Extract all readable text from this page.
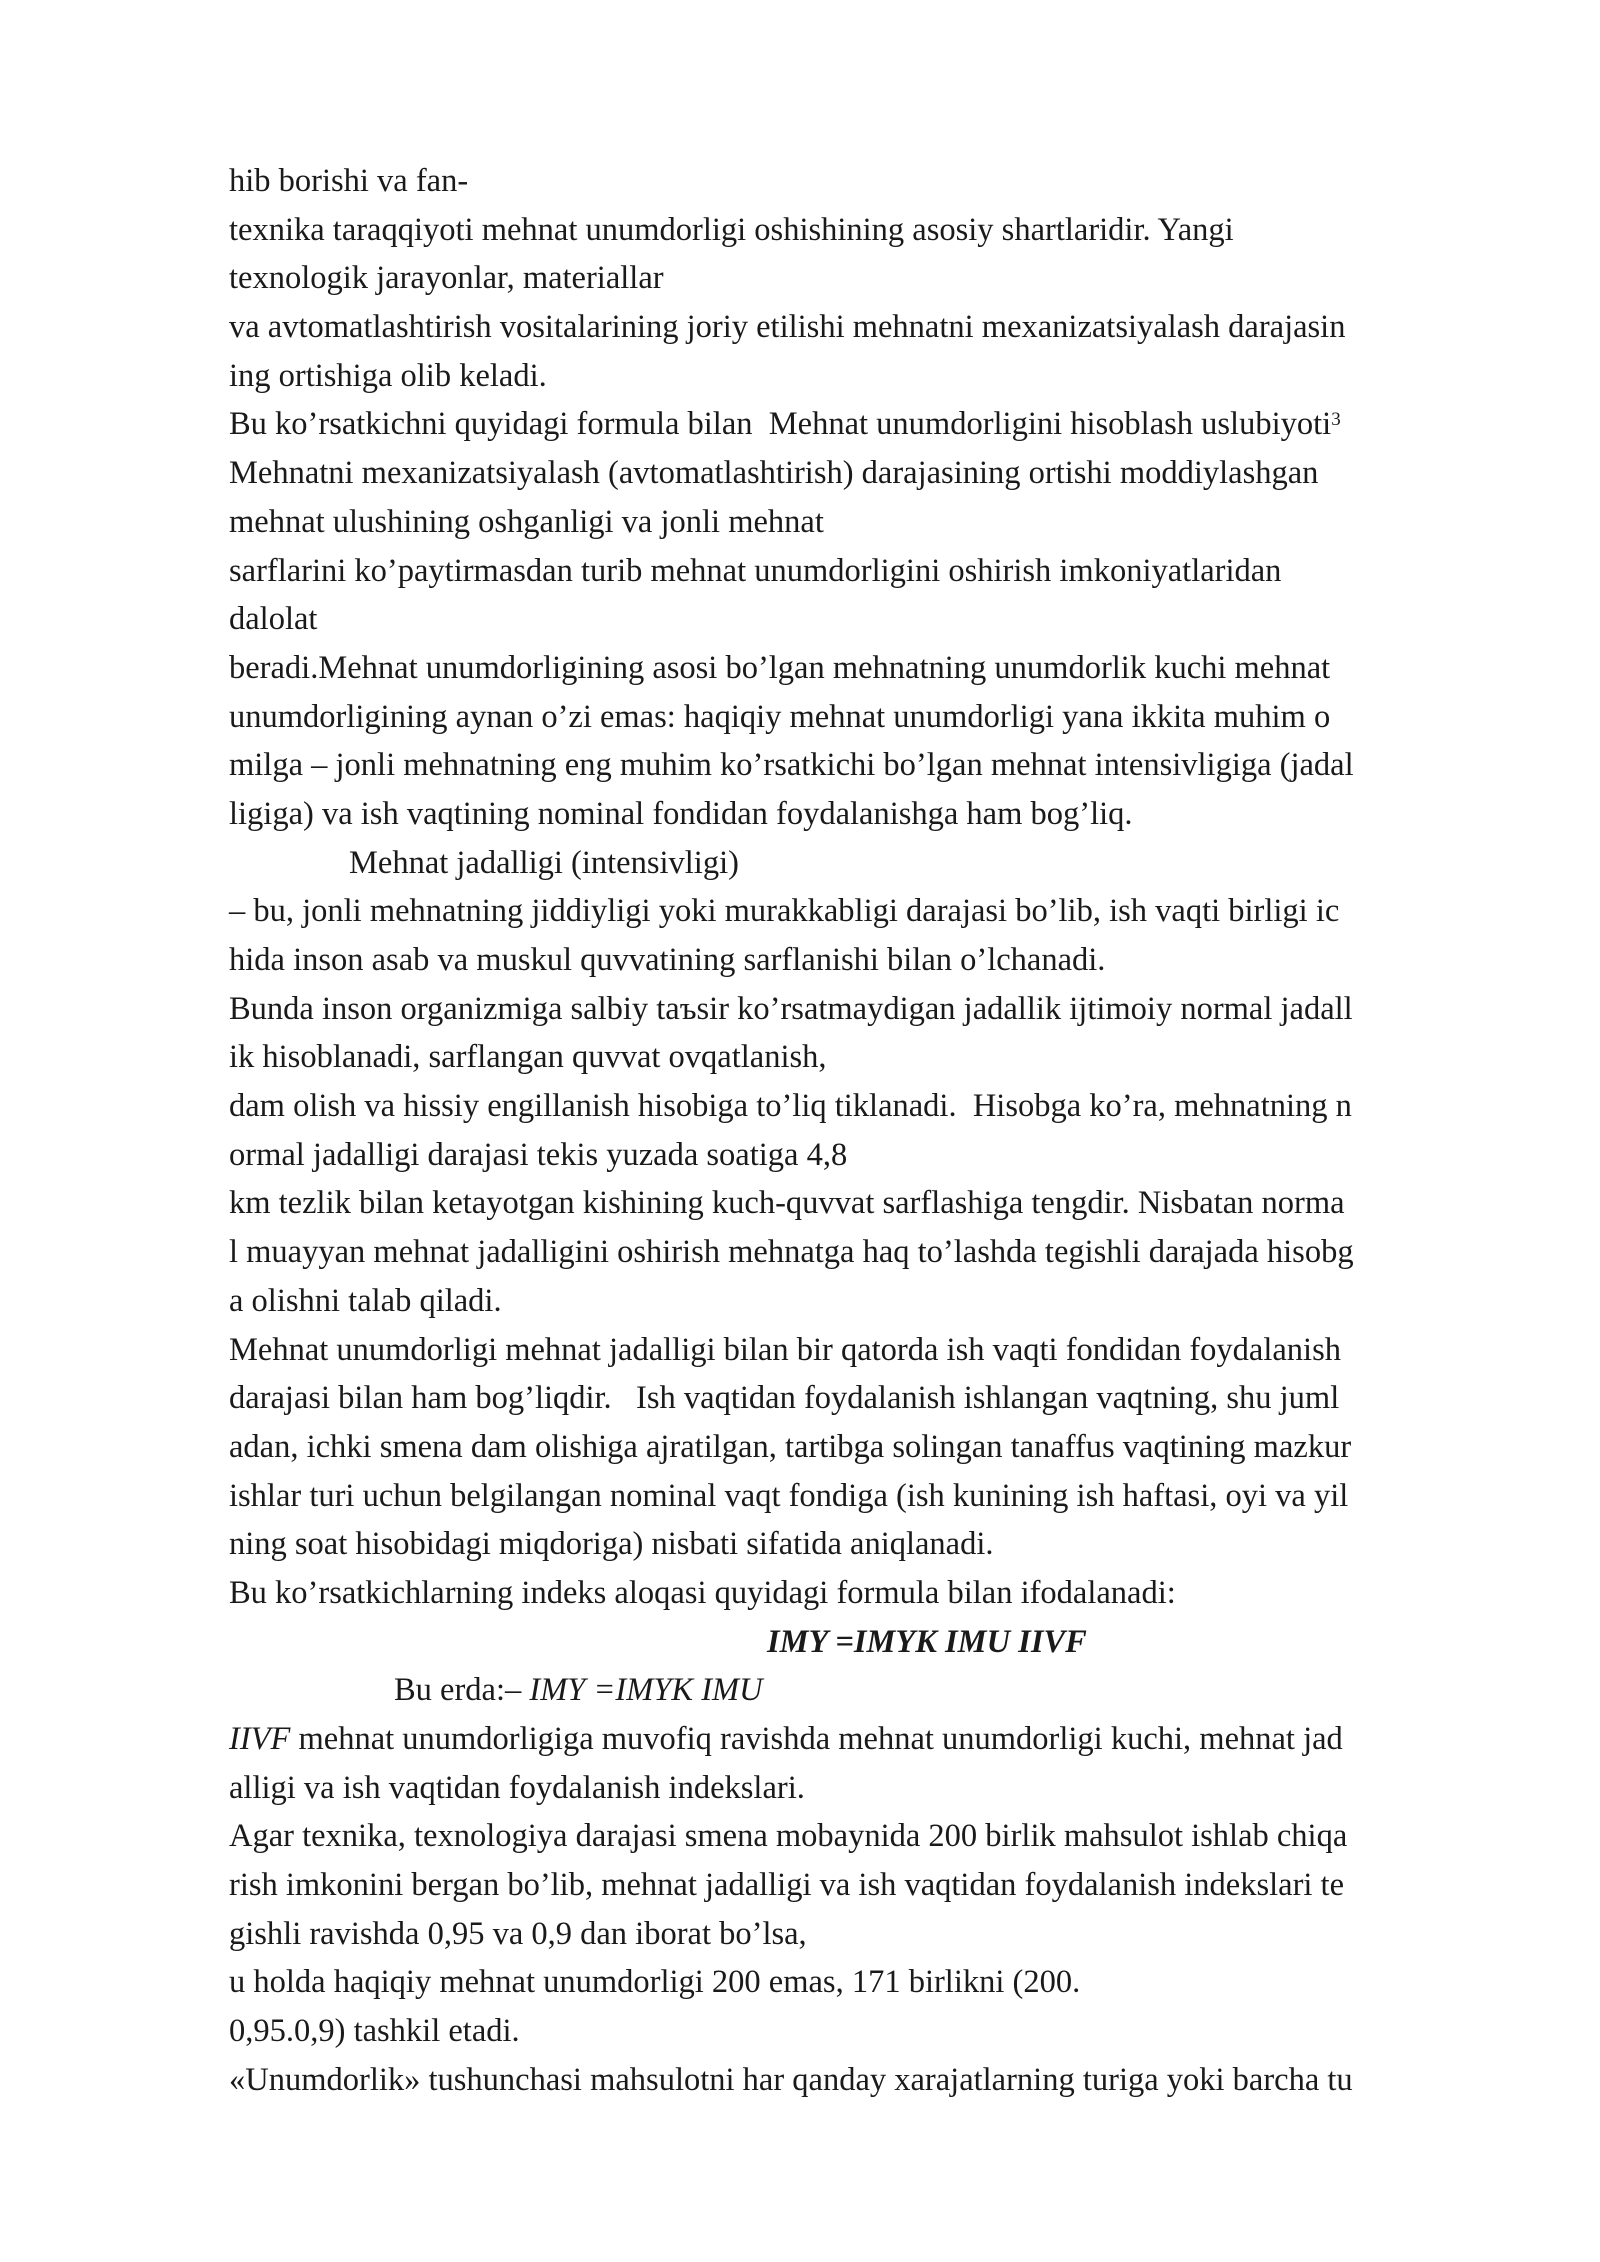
hib borishi va fan-
texnika taraqqiyoti mehnat unumdorligi oshishining asosiy shartlaridir. Yangi
texnologik jarayonlar, materiallar
va avtomatlashtirish vositalarining joriy etilishi mehnatni mexanizatsiyalash darajasin
ing ortishiga olib keladi.
Bu ko’rsatkichni quyidagi formula bilan  Mehnat unumdorligini hisoblash uslubiyoti$^3$
Mehnatni mexanizatsiyalash (avtomatlashtirish) darajasining ortishi moddiylashgan
mehnat ulushining oshganligi va jonli mehnat
sarflarini ko’paytirmasdan turib mehnat unumdorligini oshirish imkoniyatlaridan
dalolat
beradi.Mehnat unumdorligining asosi bo’lgan mehnatning unumdorlik kuchi mehnat
unumdorligining aynan o’zi emas: haqiqiy mehnat unumdorligi yana ikkita muhim o
milga – jonli mehnatning eng muhim ko’rsatkichi bo’lgan mehnat intensivligiga (jadal
ligiga) va ish vaqtining nominal fondidan foydalanishga ham bog’liq.
Mehnat jadalligi (intensivligi)
– bu, jonli mehnatning jiddiyligi yoki murakkabligi darajasi bo’lib, ish vaqti birligi ic
hida inson asab va muskul quvvatining sarflanishi bilan o’lchanadi.
Bunda inson organizmiga salbiy taъsir ko’rsatmaydigan jadallik ijtimoiy normal jadall
ik hisoblanadi, sarflangan quvvat ovqatlanish,
dam olish va hissiy engillanish hisobiga to’liq tiklanadi.  Hisobga ko’ra, mehnatning n
ormal jadalligi darajasi tekis yuzada soatiga 4,8
km tezlik bilan ketayotgan kishining kuch-quvvat sarflashiga tengdir. Nisbatan norma
l muayyan mehnat jadalligini oshirish mehnatga haq to’lashda tegishli darajada hisobg
a olishni talab qiladi.
Mehnat unumdorligi mehnat jadalligi bilan bir qatorda ish vaqti fondidan foydalanish
darajasi bilan ham bog’liqdir.   Ish vaqtidan foydalanish ishlangan vaqtning, shu juml
adan, ichki smena dam olishiga ajratilgan, tartibga solingan tanaffus vaqtining mazkur
ishlar turi uchun belgilangan nominal vaqt fondiga (ish kunining ish haftasi, oyi va yil
ning soat hisobidagi miqdoriga) nisbati sifatida aniqlanadi.
Bu ko’rsatkichlarning indeks aloqasi quyidagi formula bilan ifodalanadi:
IMY =IMYK IMU IIVF
Bu erda:– IMY =IMYK IMU
IIVF mehnat unumdorligiga muvofiq ravishda mehnat unumdorligi kuchi, mehnat jad
alligi va ish vaqtidan foydalanish indekslari.
Agar texnika, texnologiya darajasi smena mobaynida 200 birlik mahsulot ishlab chiqa
rish imkonini bergan bo’lib, mehnat jadalligi va ish vaqtidan foydalanish indekslari te
gishli ravishda 0,95 va 0,9 dan iborat bo’lsa,
u holda haqiqiy mehnat unumdorligi 200 emas, 171 birlikni (200.
0,95.0,9) tashkil etadi.
«Unumdorlik» tushunchasi mahsulotni har qanday xarajatlarning turiga yoki barcha tu
